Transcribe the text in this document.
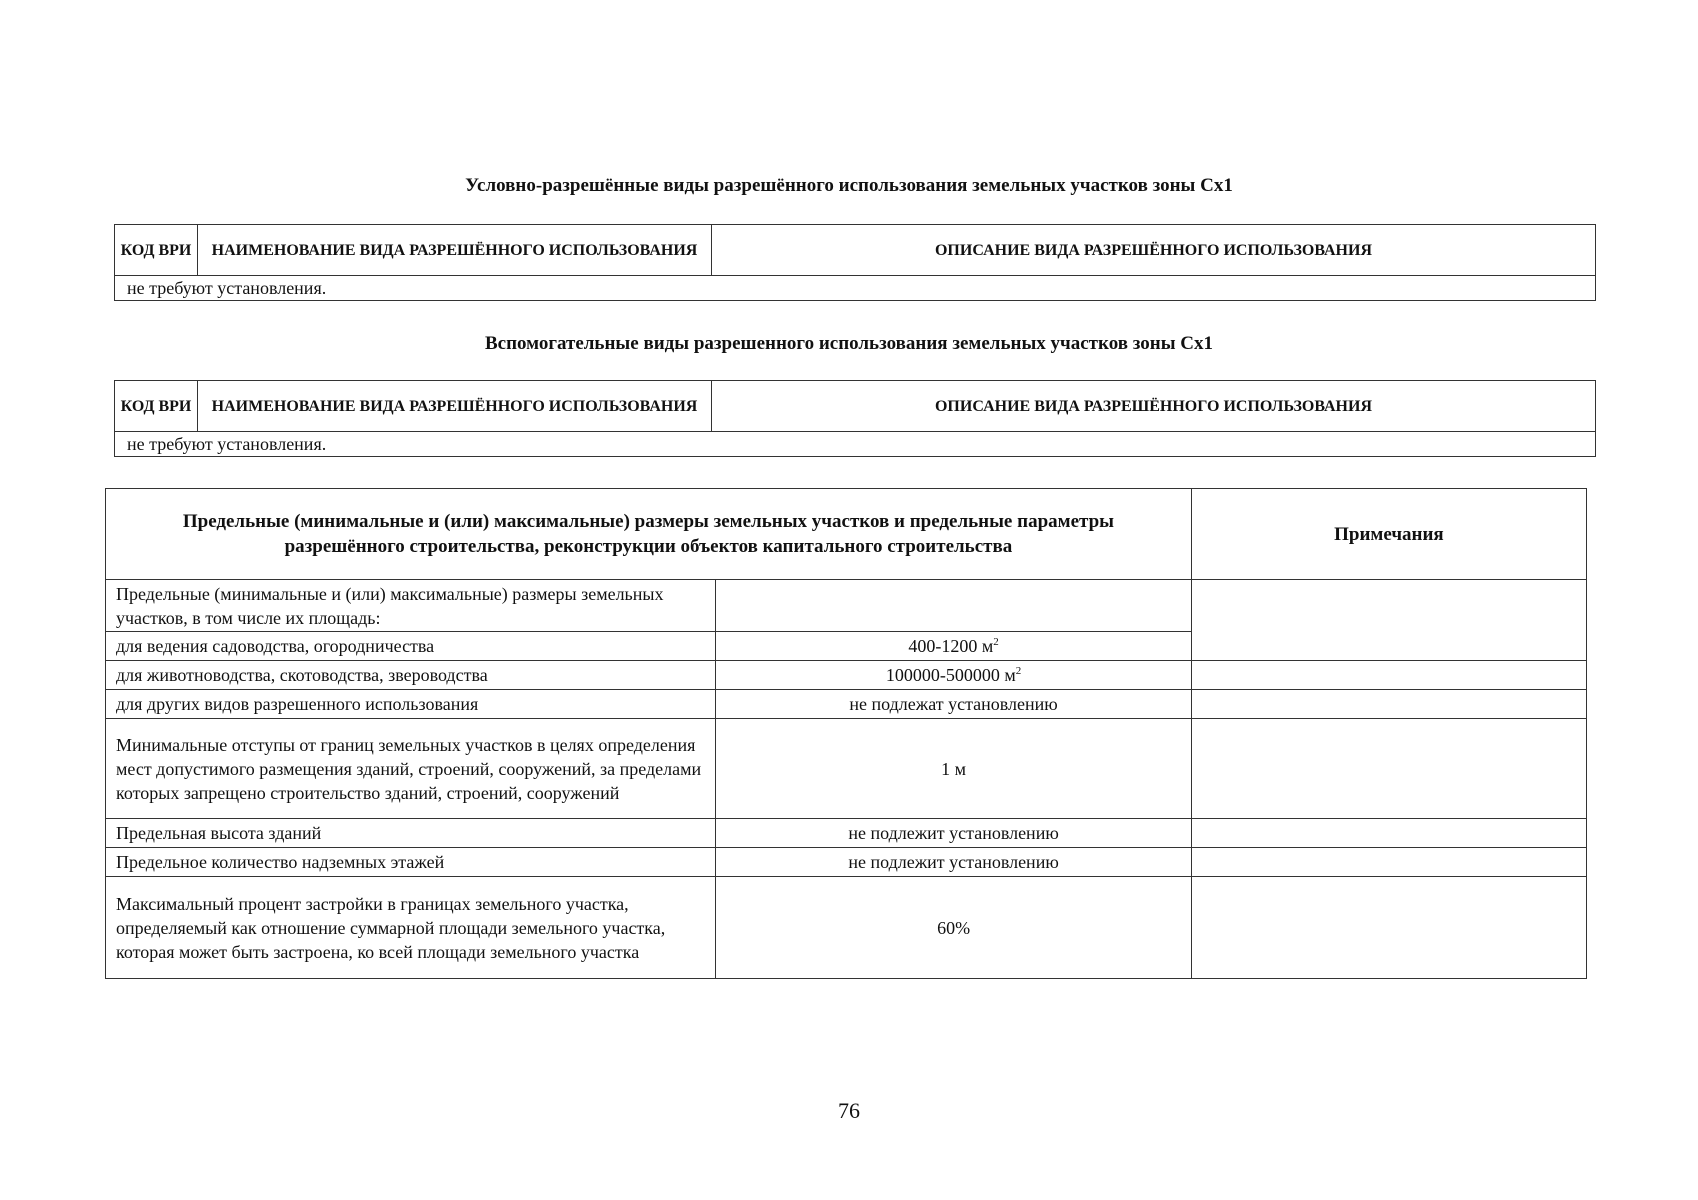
Условно-разрешённые виды разрешённого использования земельных участков зоны Сх1
КОД ВРИ	НАИМЕНОВАНИЕ ВИДА РАЗРЕШЁННОГО ИСПОЛЬЗОВАНИЯ	ОПИСАНИЕ ВИДА РАЗРЕШЁННОГО ИСПОЛЬЗОВАНИЯ
не требуют установления.
Вспомогательные виды разрешенного использования земельных участков зоны Сх1
КОД ВРИ	НАИМЕНОВАНИЕ ВИДА РАЗРЕШЁННОГО ИСПОЛЬЗОВАНИЯ	ОПИСАНИЕ ВИДА РАЗРЕШЁННОГО ИСПОЛЬЗОВАНИЯ
не требуют установления.
Предельные (минимальные и (или) максимальные) размеры земельных участков и предельные параметры разрешённого строительства, реконструкции объектов капитального строительства		Примечания
Предельные (минимальные и (или) максимальные) размеры земельных участков, в том числе их площадь:		
для ведения садоводства, огородничества	400-1200 $м^2$
для животноводства, скотоводства, звероводства	100000-500000 $м^2$	
для других видов разрешенного использования	не подлежат установлению	
Минимальные отступы от границ земельных участков в целях определения мест допустимого размещения зданий, строений, сооружений, за пределами которых запрещено строительство зданий, строений, сооружений	1 м	
Предельная высота зданий	не подлежит установлению	
Предельное количество надземных этажей	не подлежит установлению	
Максимальный процент застройки в границах земельного участка, определяемый как отношение суммарной площади земельного участка, которая может быть застроена, ко всей площади земельного участка	60%	
76
